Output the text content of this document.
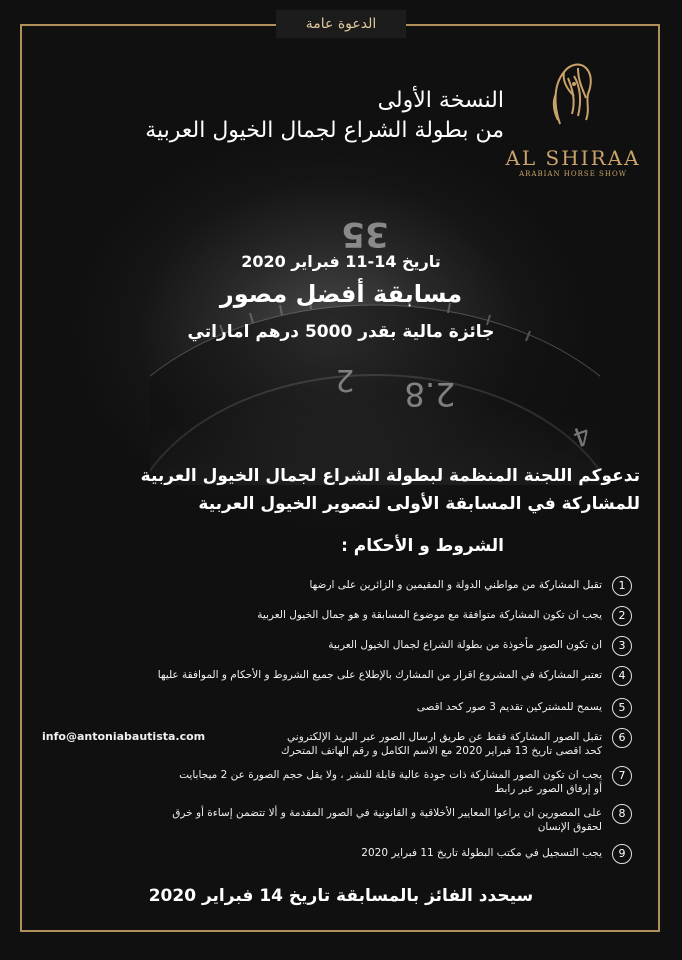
35
2 2.8
4
الدعوة عامة
AL SHIRAA
ARABIAN HORSE SHOW
النسخة الأولى
من بطولة الشراع لجمال الخيول العربية
تاريخ 14-11 فبراير 2020
مسابقة أفضل مصور
جائزة مالية بقدر 5000 درهم اماراتي
تدعوكم اللجنة المنظمة لبطولة الشراع لجمال الخيول العربية
للمشاركة في المسابقة الأولى لتصوير الخيول العربية
الشروط و الأحكام :
1
تقبل المشاركة من مواطني الدولة و المقيمين و الزائرين على ارضها
2
يجب ان تكون المشاركة متوافقة مع موضوع المسابقة و هو جمال الخيول العربية
3
ان تكون الصور مأخوذة من بطولة الشراع لجمال الخيول العربية
4
تعتبر المشاركة في المشروع اقرار من المشارك بالإطلاع على جميع الشروط و الأحكام و الموافقة عليها
5
يسمح للمشتركين تقديم 3 صور كحد اقصى
6
تقبل الصور المشاركة فقط عن طريق ارسال الصور عبر البريد الإلكتروني
info@antoniabautista.com
كحد اقصى تاريخ 13 فبراير 2020 مع الاسم الكامل و رقم الهاتف المتحرك
7
يجب ان تكون الصور المشاركة ذات جودة عالية قابلة للنشر ، ولا يقل حجم الصورة عن 2 ميجابايت
أو إرفاق الصور عبر رابط
8
على المصورين ان يراعوا المعايير الأخلاقية و القانونية في الصور المقدمة و ألا تتضمن إساءة أو خرق
لحقوق الإنسان
9
يجب التسجيل في مكتب البطولة تاريخ 11 فبراير 2020
سيحدد الفائز بالمسابقة تاريخ 14 فبراير 2020
